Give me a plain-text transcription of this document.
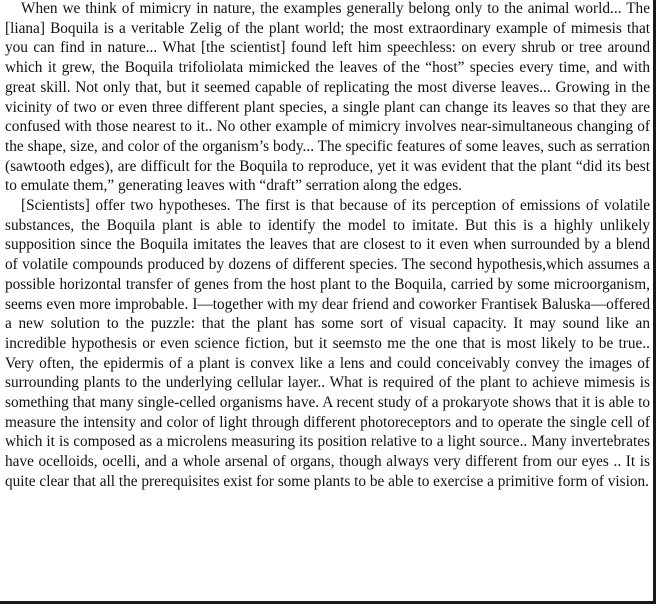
When we think of mimicry in nature, the examples generally belong only to the animal world... The [liana] Boquila is a veritable Zelig of the plant world; the most extraordinary example of mimesis that you can find in nature... What [the scientist] found left him speechless: on every shrub or tree around which it grew, the Boquila trifoliolata mimicked the leaves of the “host” species every time, and with great skill. Not only that, but it seemed capable of replicating the most diverse leaves... Growing in the vicinity of two or even three different plant species, a single plant can change its leaves so that they are confused with those nearest to it.. No other example of mimicry involves near-simultaneous changing of the shape, size, and color of the organism’s body... The specific features of some leaves, such as serration (sawtooth edges), are difficult for the Boquila to reproduce, yet it was evident that the plant “did its best to emulate them,” generating leaves with “draft” serration along the edges.

[Scientists] offer two hypotheses. The first is that because of its perception of emissions of volatile substances, the Boquila plant is able to identify the model to imitate. But this is a highly unlikely supposition since the Boquila imitates the leaves that are closest to it even when surrounded by a blend of volatile compounds produced by dozens of different species. The second hypothesis,which assumes a possible horizontal transfer of genes from the host plant to the Boquila, carried by some microorganism, seems even more improbable. I—together with my dear friend and coworker Frantisek Baluska—offered a new solution to the puzzle: that the plant has some sort of visual capacity. It may sound like an incredible hypothesis or even science fiction, but it seemsto me the one that is most likely to be true.. Very often, the epidermis of a plant is convex like a lens and could conceivably convey the images of surrounding plants to the underlying cellular layer.. What is required of the plant to achieve mimesis is something that many single-celled organisms have. A recent study of a prokaryote shows that it is able to measure the intensity and color of light through different photoreceptors and to operate the single cell of which it is composed as a microlens measuring its position relative to a light source.. Many invertebrates have ocelloids, ocelli, and a whole arsenal of organs, though always very different from our eyes .. It is quite clear that all the prerequisites exist for some plants to be able to exercise a primitive form of vision.
